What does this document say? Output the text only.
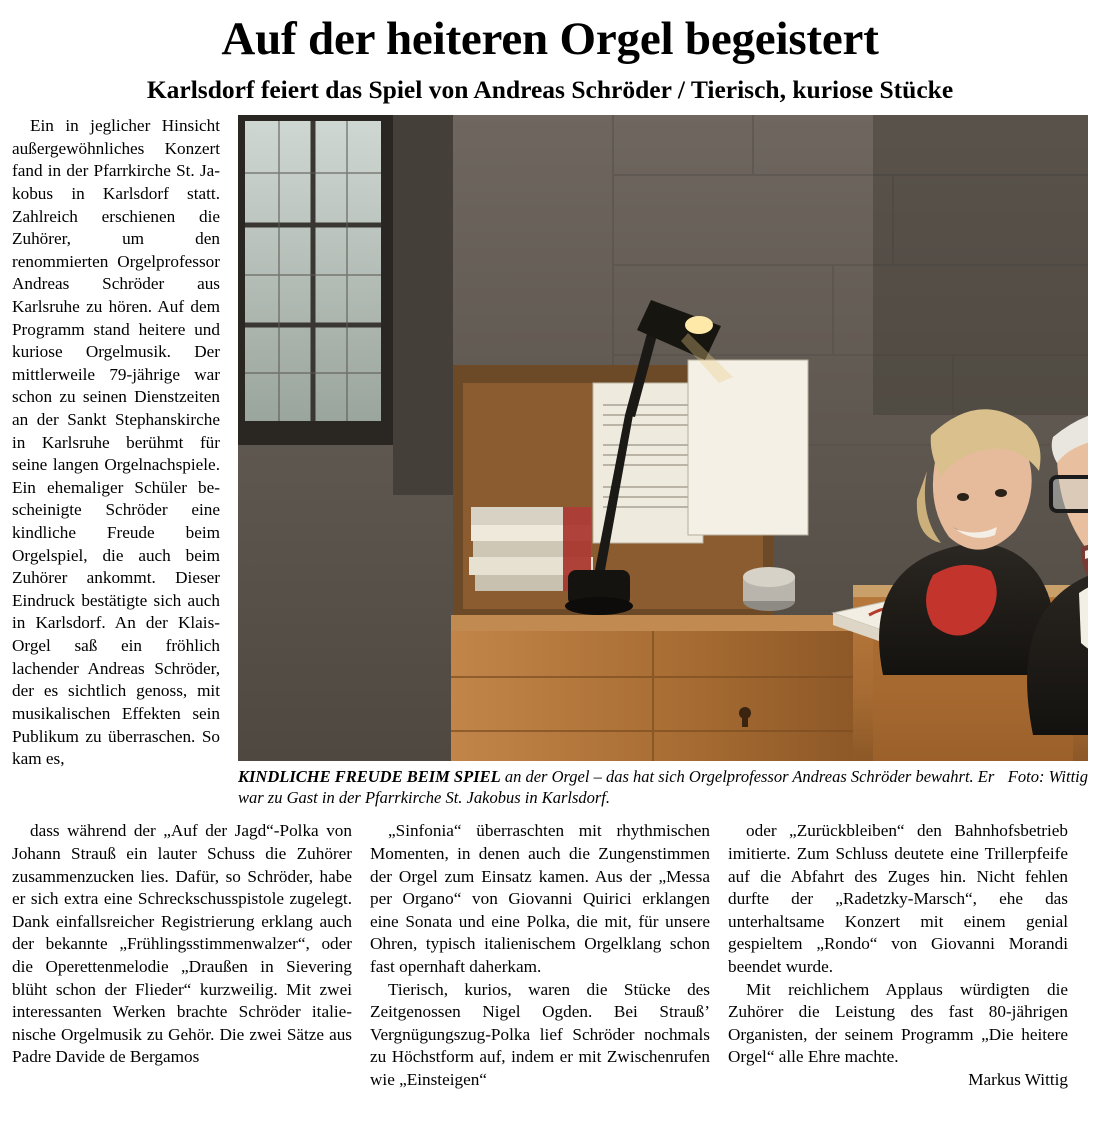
Auf der heiteren Orgel begeistert
Karlsdorf feiert das Spiel von Andreas Schröder / Tierisch, kuriose Stücke

Ein in jeglicher Hinsicht außergewöhnliches Konzert fand in der Pfarrkirche St. Jakobus in Karlsdorf statt. Zahlreich erschienen die Zuhörer, um den renommierten Orgelprofessor Andreas Schröder aus Karlsruhe zu hören. Auf dem Programm stand heitere und kuriose Orgelmusik. Der mittlerweile 79-jährige war schon zu seinen Dienstzeiten an der Sankt Stephanskirche in Karlsruhe berühmt für seine langen Orgelnachspiele. Ein ehemaliger Schüler bescheinigte Schröder eine kindliche Freude beim Orgelspiel, die auch beim Zuhörer ankommt. Dieser Eindruck bestätigte sich auch in Karlsdorf. An der Klais-Orgel saß ein fröhlich lachender Andreas Schröder, der es sichtlich genoss, mit musikalischen Effekten sein Publikum zu überraschen. So kam es,

Foto: Wittig
KINDLICHE FREUDE BEIM SPIEL an der Orgel – das hat sich Orgelprofessor Andreas Schröder bewahrt. Er war zu Gast in der Pfarrkirche St. Jakobus in Karlsdorf.

dass während der „Auf der Jagd“-Polka von Johann Strauß ein lauter Schuss die Zuhörer zusammenzucken lies. Dafür, so Schröder, habe er sich extra eine Schreckschusspistole zugelegt. Dank einfallsreicher Registrierung erklang auch der bekannte „Frühlingsstimmenwalzer“, oder die Operettenmelodie „Draußen in Sievering blüht schon der Flieder“ kurzweilig. Mit zwei interessanten Werken brachte Schröder italienische Orgelmusik zu Gehör. Die zwei Sätze aus Padre Davide de Bergamos

„Sinfonia“ überraschten mit rhythmischen Momenten, in denen auch die Zungenstimmen der Orgel zum Einsatz kamen. Aus der „Messa per Organo“ von Giovanni Quirici erklangen eine Sonata und eine Polka, die mit, für unsere Ohren, typisch italienischem Orgelklang schon fast opernhaft daherkam.

Tierisch, kurios, waren die Stücke des Zeitgenossen Nigel Ogden. Bei Strauß’ Vergnügungszug-Polka lief Schröder nochmals zu Höchstform auf, indem er mit Zwischenrufen wie „Einsteigen“

oder „Zurückbleiben“ den Bahnhofsbetrieb imitierte. Zum Schluss deutete eine Trillerpfeife auf die Abfahrt des Zuges hin. Nicht fehlen durfte der „Radetzky-Marsch“, ehe das unterhaltsame Konzert mit einem genial gespieltem „Rondo“ von Giovanni Morandi beendet wurde.

Mit reichlichem Applaus würdigten die Zuhörer die Leistung des fast 80-jährigen Organisten, der seinem Programm „Die heitere Orgel“ alle Ehre machte.

Markus Wittig
